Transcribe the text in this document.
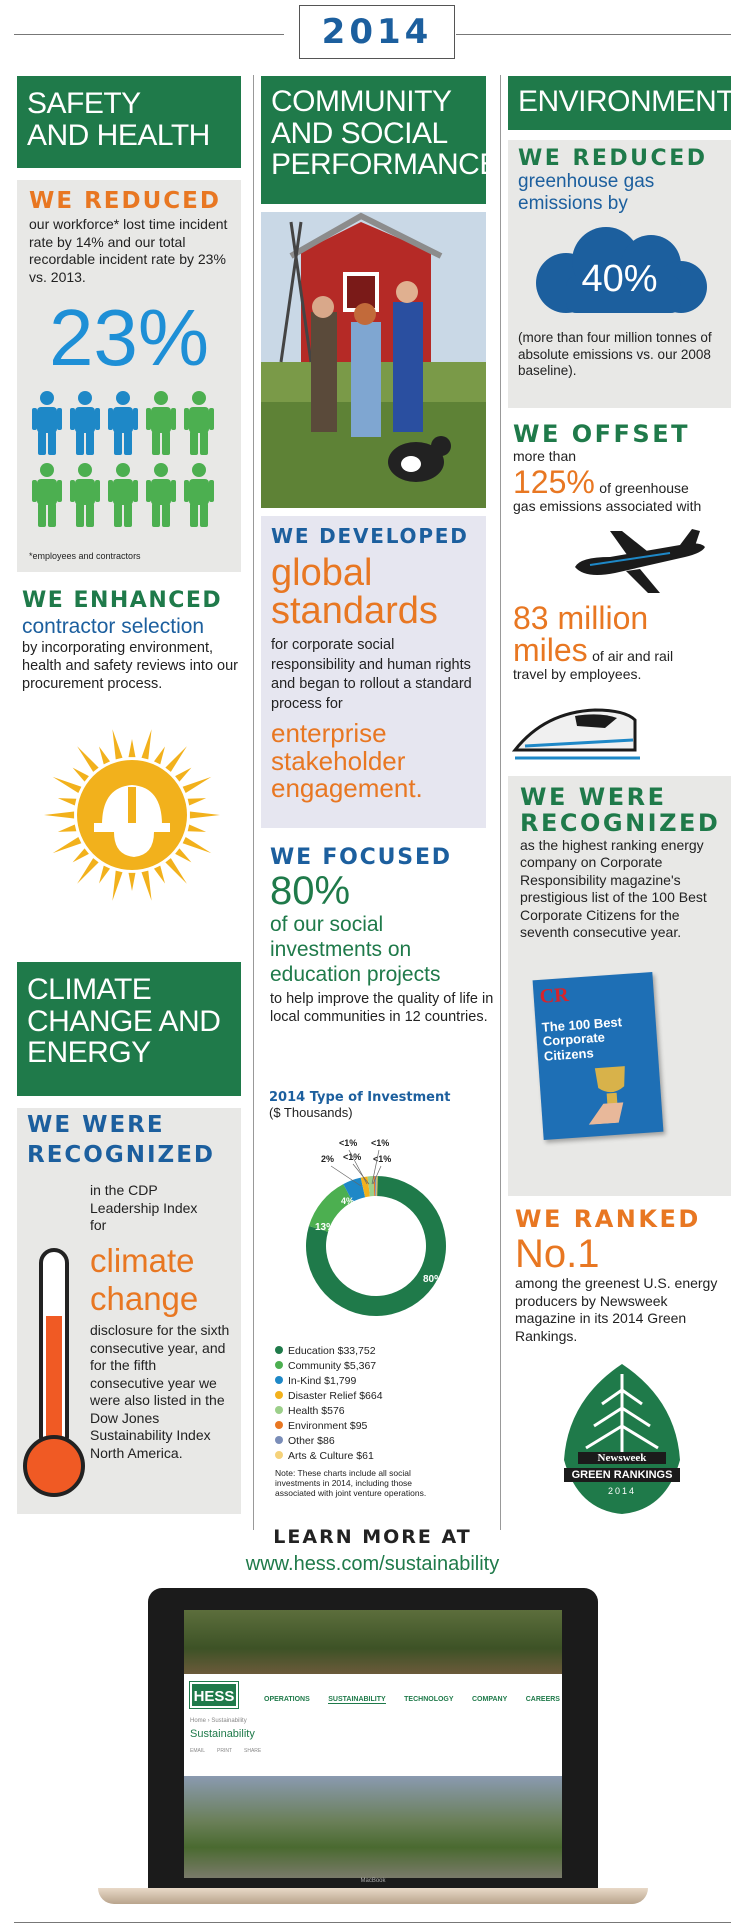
2014
SAFETY
AND HEALTH
WE REDUCED
our workforce* lost time incident rate by 14% and our total recordable incident rate by 23% vs. 2013.
23%
*employees and contractors
WE ENHANCED
contractor selection
by incorporating environment, health and safety reviews into our procurement process.
CLIMATE
CHANGE AND
ENERGY
WE WERE
RECOGNIZED
in the CDP Leadership Index for
climate
change
disclosure for the sixth consecutive year, and for the fifth consecutive year we were also listed in the Dow Jones Sustainability Index North America.
COMMUNITY
AND SOCIAL
PERFORMANCE
WE DEVELOPED
global
standards
for corporate social responsibility and human rights and began to rollout a standard process for
enterprise
stakeholder
engagement.
WE FOCUSED
80%
of our social
investments on
education projects
to help improve the quality of life in local communities in 12 countries.
2014 Type of Investment
($ Thousands)
80%
13%
4%
2%
<1%
<1%
<1%
<1%
Education $33,752
Community $5,367
In-Kind $1,799
Disaster Relief $664
Health $576
Environment $95
Other $86
Arts & Culture $61
Note: These charts include all social investments in 2014, including those associated with joint venture operations.
ENVIRONMENT
WE REDUCED
greenhouse gas emissions by
40%
(more than four million tonnes of absolute emissions vs. our 2008 baseline).
WE OFFSET
more than
125% of greenhouse
gas emissions associated with
83 million
miles of air and rail
travel by employees.
WE WERE
RECOGNIZED
as the highest ranking energy company on Corporate Responsibility magazine's prestigious list of the 100 Best Corporate Citizens for the seventh consecutive year.
CR
The 100 Best
Corporate
Citizens
WE RANKED
No.1
among the greenest U.S. energy producers by Newsweek magazine in its 2014 Green Rankings.
Newsweek
GREEN RANKINGS
2014
LEARN MORE AT
www.hess.com/sustainability
HESS	OPERATIONS	SUSTAINABILITY	TECHNOLOGY	COMPANY	CAREERS
Home › Sustainability
Sustainability
EMAIL PRINT SHARE
MacBook
